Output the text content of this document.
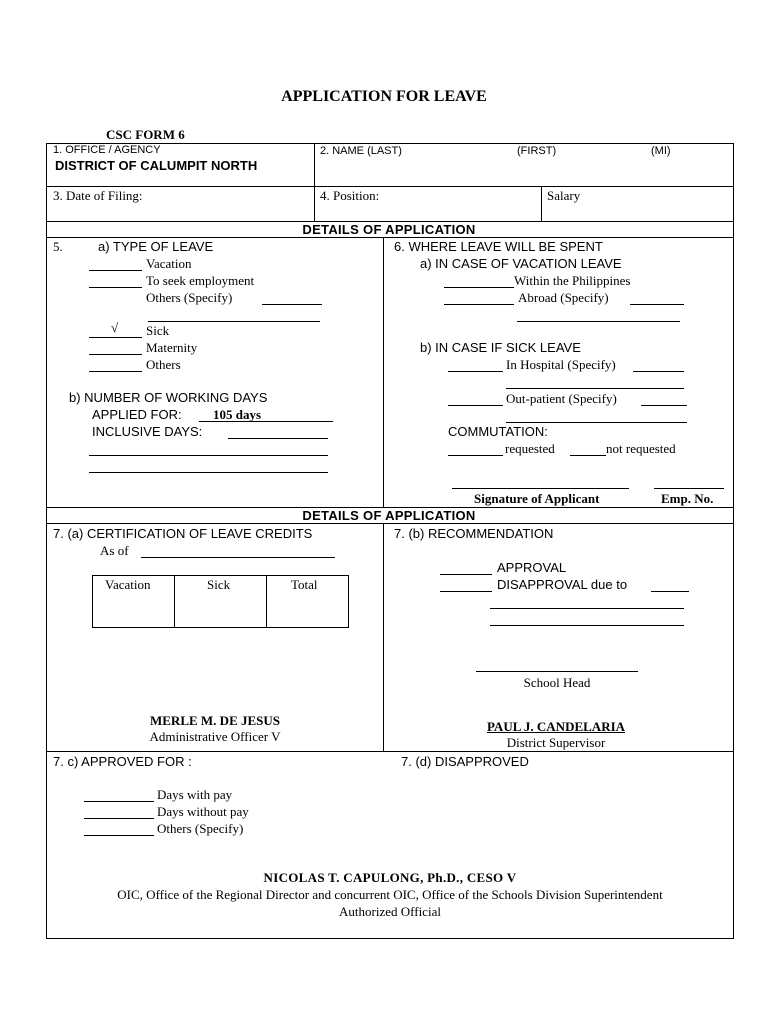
APPLICATION FOR LEAVE
CSC FORM 6
1. OFFICE / AGENCY
DISTRICT OF CALUMPIT NORTH
2. NAME (LAST)	(FIRST)	(MI)
3. Date of Filing:	4. Position:	Salary
DETAILS OF APPLICATION
5.	a) TYPE OF LEAVE
Vacation
To seek employment
Others (Specify)
√ Sick
Maternity
Others
b) NUMBER OF WORKING DAYS
APPLIED FOR: 105 days
INCLUSIVE DAYS:
6. WHERE LEAVE WILL BE SPENT
a) IN CASE OF VACATION LEAVE
Within the Philippines
Abroad (Specify)
b) IN CASE IF SICK LEAVE
In Hospital (Specify)
Out-patient (Specify)
COMMUTATION:
requested	not requested
Signature of Applicant	Emp. No.
DETAILS OF APPLICATION
7. (a) CERTIFICATION OF LEAVE CREDITS
As of
Vacation	Sick	Total
MERLE M. DE JESUS
Administrative Officer V
7. (b) RECOMMENDATION
APPROVAL
DISAPPROVAL due to
School Head
PAUL J. CANDELARIA
District Supervisor
7. c) APPROVED FOR :	7. (d) DISAPPROVED
Days with pay
Days without pay
Others (Specify)
NICOLAS T. CAPULONG, Ph.D., CESO V
OIC, Office of the Regional Director and concurrent OIC, Office of the Schools Division Superintendent
Authorized Official
